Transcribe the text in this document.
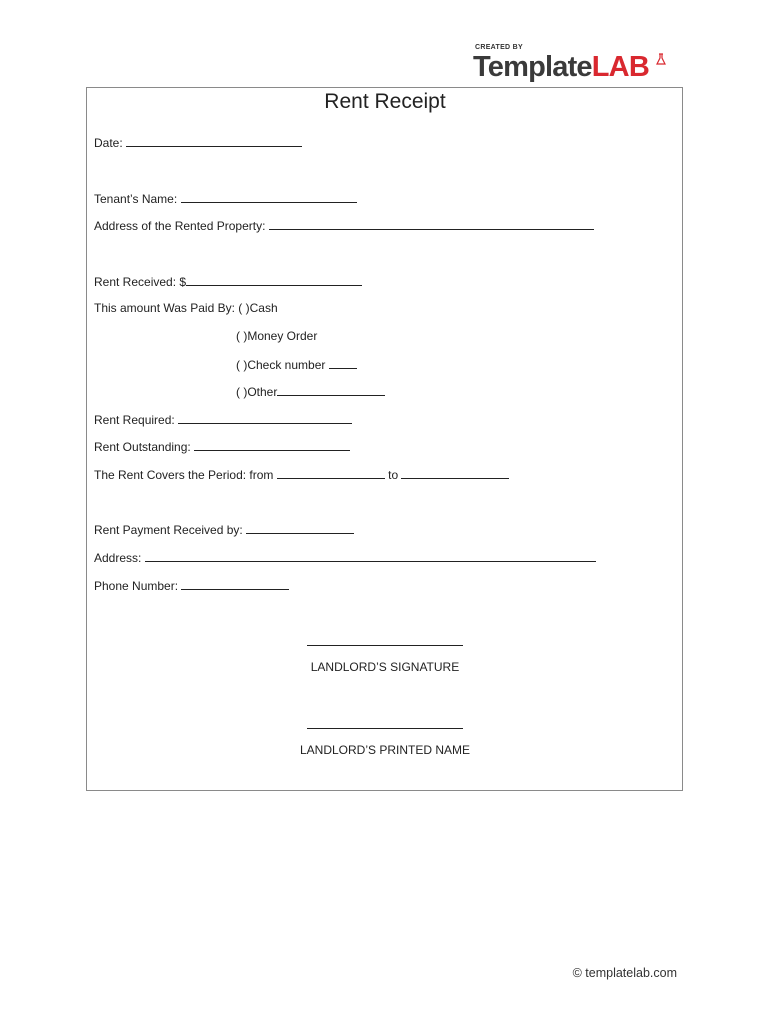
CREATED BY
TemplateLAB
Rent Receipt
Date:
Tenant’s Name:
Address of the Rented Property:
Rent Received: $
This amount Was Paid By: ( )Cash
( )Money Order
( )Check number
( )Other
Rent Required:
Rent Outstanding:
The Rent Covers the Period: from	to
Rent Payment Received by:
Address:
Phone Number:
LANDLORD’S SIGNATURE
LANDLORD’S PRINTED NAME
© templatelab.com
